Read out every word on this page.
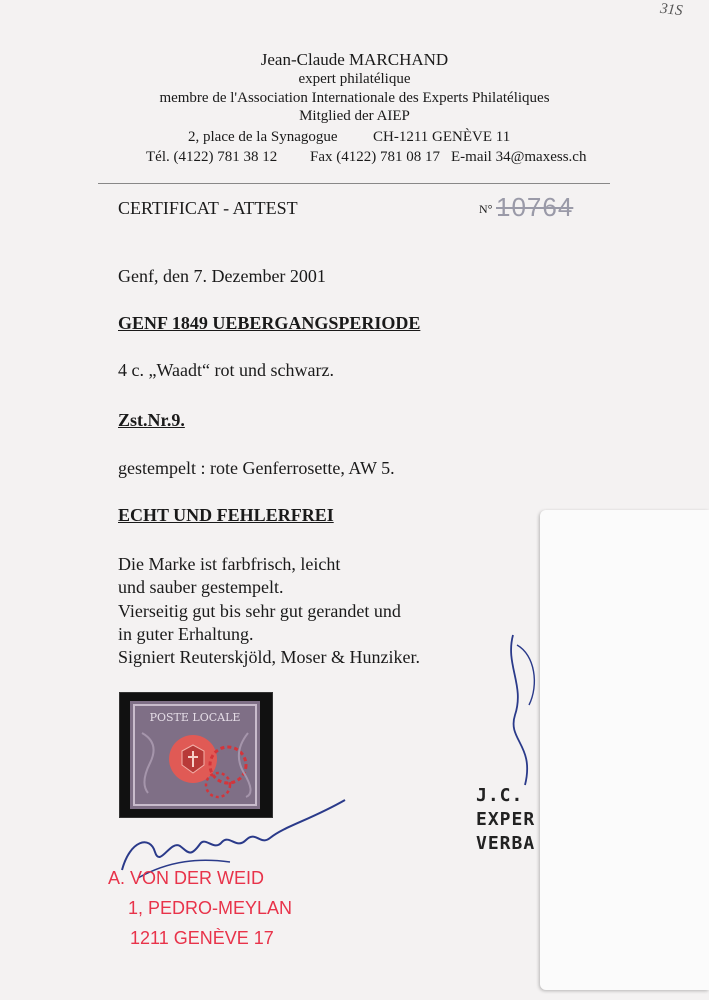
31S
Jean-Claude MARCHAND
expert philatélique
membre de l'Association Internationale des Experts Philatéliques
Mitglied der AIEP
2, place de la Synagogue CH-1211 GENÈVE 11
Tél. (4122) 781 38 12 Fax (4122) 781 08 17 E-mail 34@maxess.ch
CERTIFICAT - ATTEST	N° 10764
Genf, den 7. Dezember 2001
GENF 1849 UEBERGANGSPERIODE
4 c. „Waadt“ rot und schwarz.
Zst.Nr.9.
gestempelt : rote Genferrosette, AW 5.
ECHT UND FEHLERFREI
Die Marke ist farbfrisch, leicht
und sauber gestempelt.
Vierseitig gut bis sehr gut gerandet und
in guter Erhaltung.
Signiert Reuterskjöld, Moser & Hunziker.
POSTE LOCALE
J.C.
EXPER
VERBA
A. VON DER WEID
1, PEDRO-MEYLAN
1211 GENÈVE 17
